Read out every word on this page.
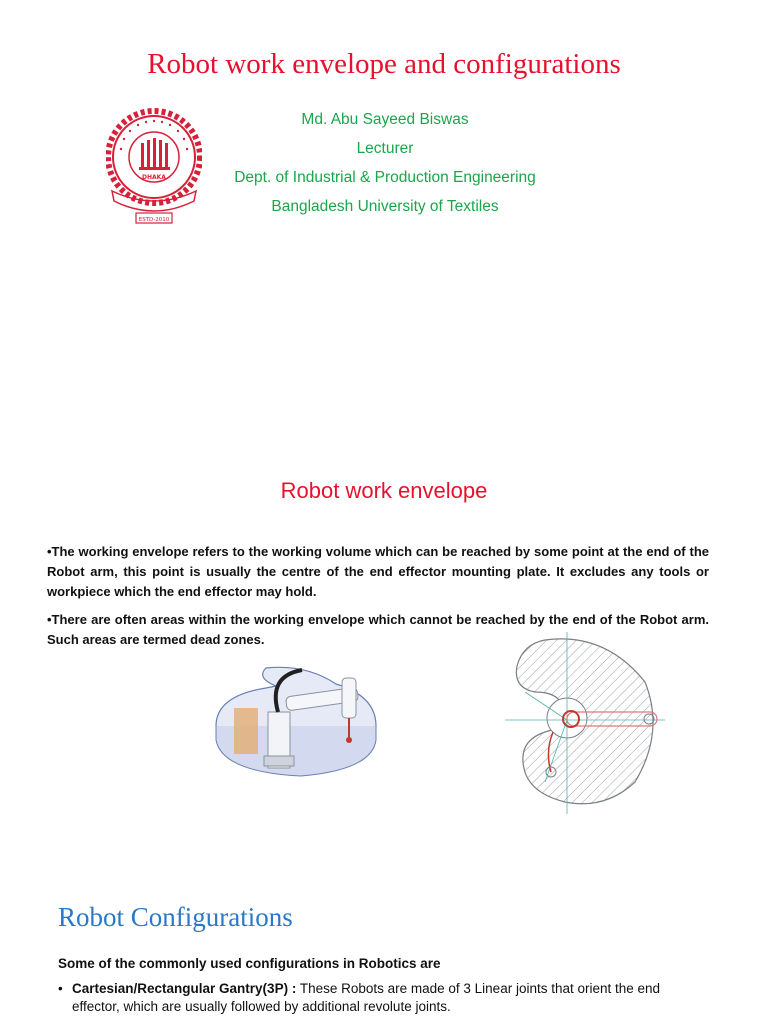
Robot work envelope and configurations
DHAKA
ESTD-2010
Md. Abu Sayeed Biswas
Lecturer
Dept. of Industrial & Production Engineering
Bangladesh University of Textiles
Robot work envelope
•The working envelope refers to the working volume which can be reached by some point at the end of the Robot arm, this point is usually the centre of the end effector mounting plate. It excludes any tools or workpiece which the end effector may hold.
•There are often areas within the working envelope which cannot be reached by the end of the Robot arm. Such areas are termed dead zones.
Robot Configurations
Some of the commonly used configurations in Robotics are
• Cartesian/Rectangular Gantry(3P) : These Robots are made of 3 Linear joints that orient the end effector, which are usually followed by additional revolute joints.
